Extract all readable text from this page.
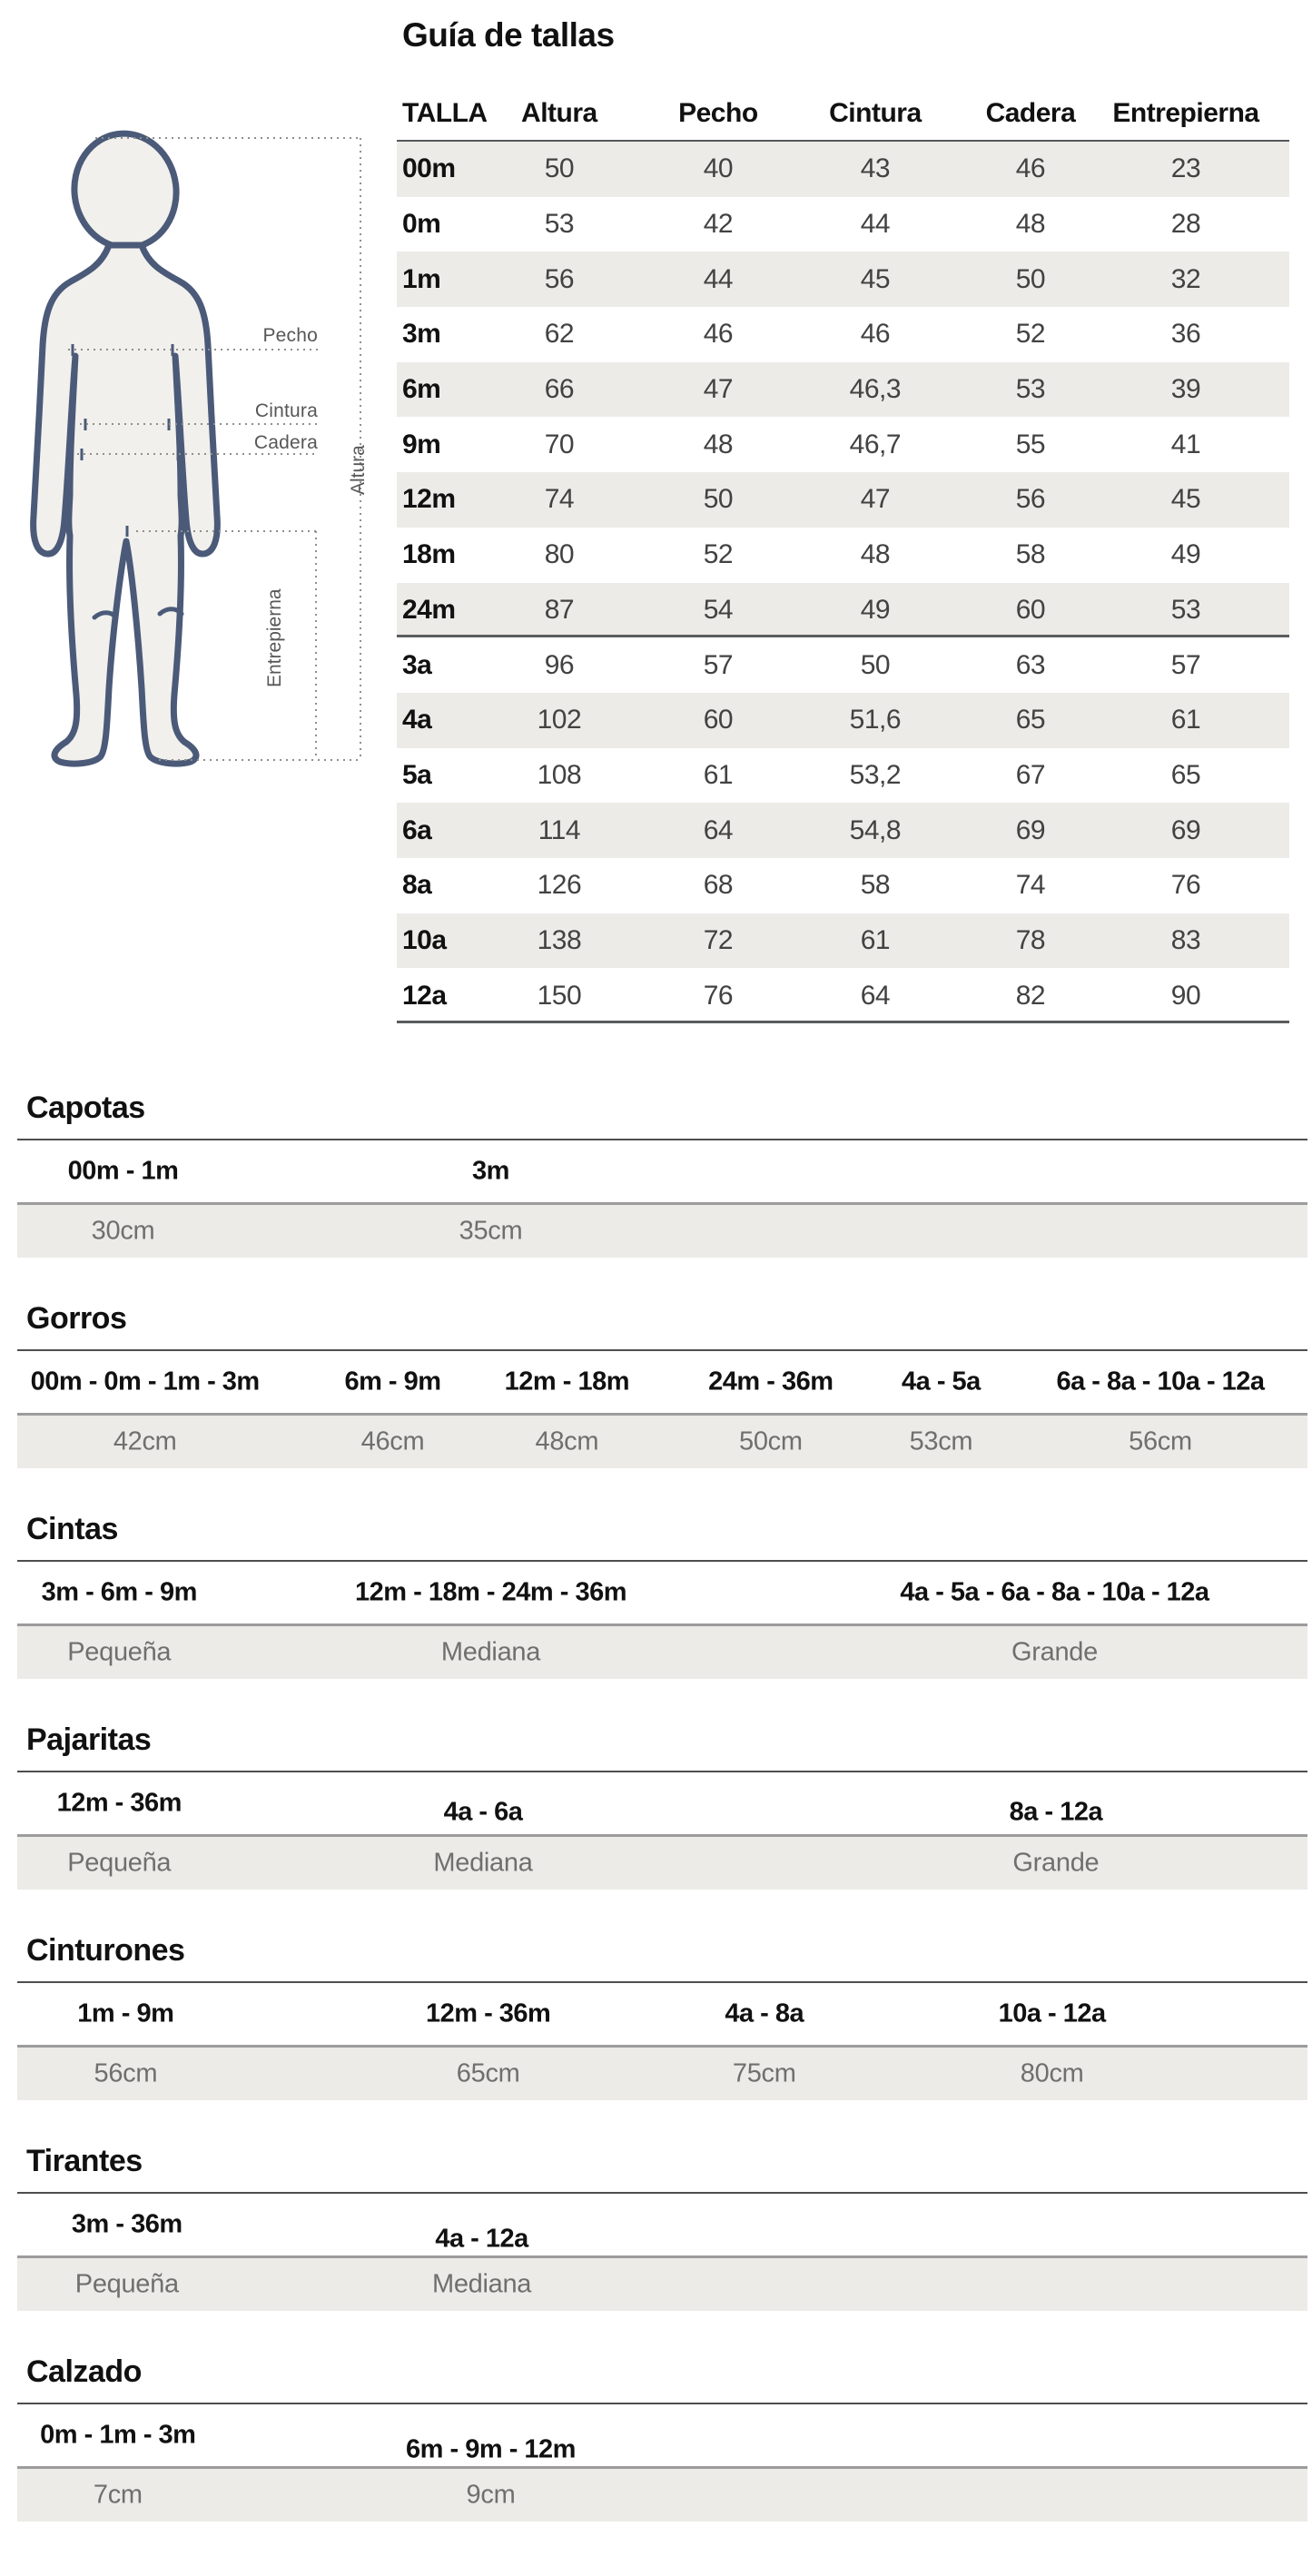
Pecho
Cintura
Cadera
Altura
Entrepierna
Guía de tallas
TALLA Altura	Pecho	Cintura Cadera Entrepierna
00m	50	40	43	46	23
0m	53	42	44	48	28
1m	56	44	45	50	32
3m	62	46	46	52	36
6m	66	47	46,3	53	39
9m	70	48	46,7	55	41
12m	74	50	47	56	45
18m	80	52	48	58	49
24m	87	54	49	60	53
3a	96	57	50	63	57
4a	102	60	51,6	65	61
5a	108	61	53,2	67	65
6a	114	64	54,8	69	69
8a	126	68	58	74	76
10a	138	72	61	78	83
12a	150	76	64	82	90
Capotas
00m - 1m	3m
30cm	35cm
Gorros
00m - 0m - 1m - 3m	6m - 9m 12m - 18m	24m - 36m	4a - 5a	6a - 8a - 10a - 12a
42cm	46cm	48cm	50cm	53cm	56cm
Cintas
3m - 6m - 9m	12m - 18m - 24m - 36m	4a - 5a - 6a - 8a - 10a - 12a
Pequeña	Mediana	Grande
Pajaritas
12m - 36m	4a - 6a	8a - 12a
Pequeña	Mediana	Grande
Cinturones
1m - 9m	12m - 36m	4a - 8a	10a - 12a
56cm	65cm	75cm	80cm
Tirantes
3m - 36m	4a - 12a
Pequeña	Mediana
Calzado
0m - 1m - 3m	6m - 9m - 12m
7cm	9cm
